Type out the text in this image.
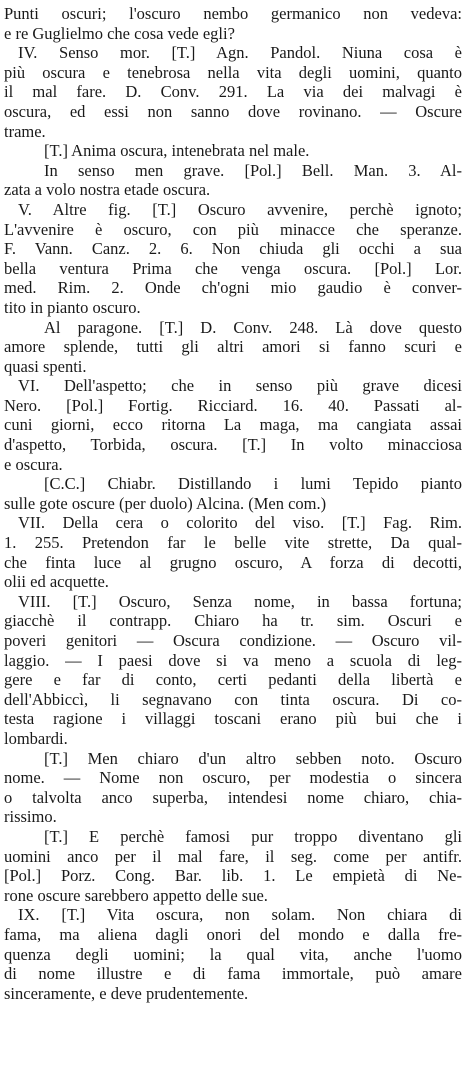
Punti oscuri; l'oscuro nembo germanico non vedeva:
e re Guglielmo che cosa vede egli?
IV. Senso mor. [T.] Agn. Pandol. Niuna cosa è
più oscura e tenebrosa nella vita degli uomini, quanto
il mal fare. D. Conv. 291. La via dei malvagi è
oscura, ed essi non sanno dove rovinano. — Oscure
trame.
[T.] Anima oscura, intenebrata nel male.
In senso men grave. [Pol.] Bell. Man. 3. Al-
zata a volo nostra etade oscura.
V. Altre fig. [T.] Oscuro avvenire, perchè ignoto;
L'avvenire è oscuro, con più minacce che speranze.
F. Vann. Canz. 2. 6. Non chiuda gli occhi a sua
bella ventura Prima che venga oscura. [Pol.] Lor.
med. Rim. 2. Onde ch'ogni mio gaudio è conver-
tito in pianto oscuro.
Al paragone. [T.] D. Conv. 248. Là dove questo
amore splende, tutti gli altri amori si fanno scuri e
quasi spenti.
VI. Dell'aspetto; che in senso più grave dicesi
Nero. [Pol.] Fortig. Ricciard. 16. 40. Passati al-
cuni giorni, ecco ritorna La maga, ma cangiata assai
d'aspetto, Torbida, oscura. [T.] In volto minacciosa
e oscura.
[C.C.] Chiabr. Distillando i lumi Tepido pianto
sulle gote oscure (per duolo) Alcina. (Men com.)
VII. Della cera o colorito del viso. [T.] Fag. Rim.
1. 255. Pretendon far le belle vite strette, Da qual-
che finta luce al grugno oscuro, A forza di decotti,
olii ed acquette.
VIII. [T.] Oscuro, Senza nome, in bassa fortuna;
giacchè il contrapp. Chiaro ha tr. sim. Oscuri e
poveri genitori — Oscura condizione. — Oscuro vil-
laggio. — I paesi dove si va meno a scuola di leg-
gere e far di conto, certi pedanti della libertà e
dell'Abbiccì, li segnavano con tinta oscura. Di co-
testa ragione i villaggi toscani erano più bui che i
lombardi.
[T.] Men chiaro d'un altro sebben noto. Oscuro
nome. — Nome non oscuro, per modestia o sincera
o talvolta anco superba, intendesi nome chiaro, chia-
rissimo.
[T.] E perchè famosi pur troppo diventano gli
uomini anco per il mal fare, il seg. come per antifr.
[Pol.] Porz. Cong. Bar. lib. 1. Le empietà di Ne-
rone oscure sarebbero appetto delle sue.
IX. [T.] Vita oscura, non solam. Non chiara di
fama, ma aliena dagli onori del mondo e dalla fre-
quenza degli uomini; la qual vita, anche l'uomo
di nome illustre e di fama immortale, può amare
sinceramente, e deve prudentemente.
